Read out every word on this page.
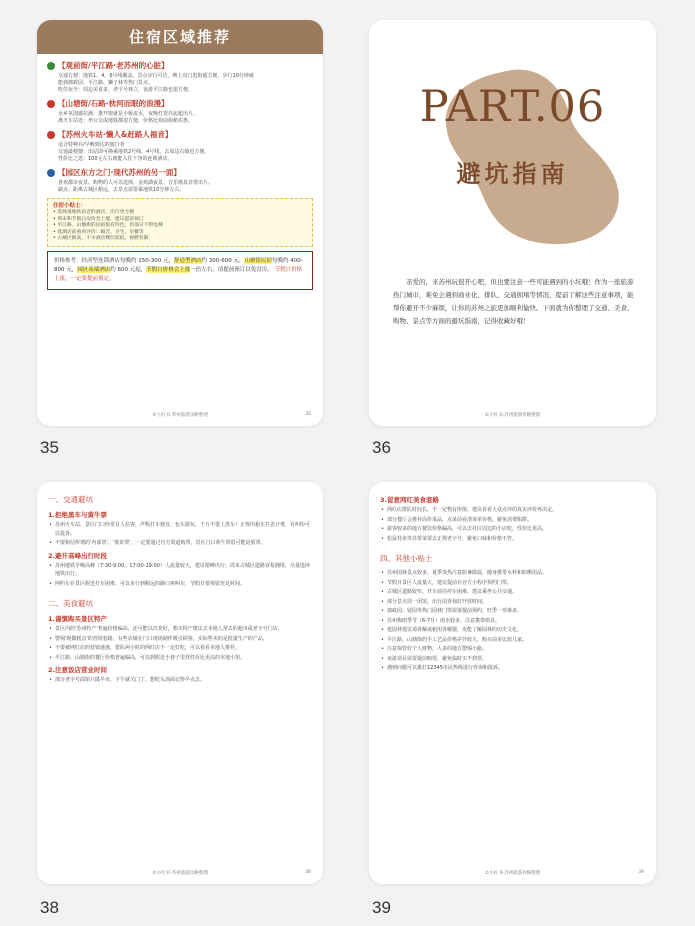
住宿区域推荐
【观前街/平江路·老苏州的心脏】
交通方便：地铁1、4、6号线覆盖，景点步行可达，晚上出门逛街超方便，步行10分钟就
能到拙政园、平江路、狮子林等热门景点。
吃住玩全：周边美食多，老字号林立，夜游平江路也很方便。
【山塘街/石路·枕河而眠的浪漫】
水乡氛围感拉满：推开窗就是小桥流水，夜晚灯笼亮起超出片。
离火车站近：坐公交或地铁都很方便，价格比观前街稍实惠。
【苏州火车站·懒人&赶路人福音】
适合特种兵/早晚到达的旅行者
交通最便捷：出站即可换乘地铁2号线、4号线，去周边古镇也方便。
性价比之选：100元左右就能入住干净的连锁酒店。
【园区东方之门·现代苏州的另一面】
喜欢都市夜景、购物的人可以选择，金鸡湖夜景、音乐喷泉非常出片。
缺点：距离古城区稍远，去景点需要乘地铁10分钟左右。
住宿小贴士：
• 选择离地铁站近的酒店，出行更方便
• 周末和节假日房价会上涨，建议提前预订
• 平江路、山塘街的民宿很有特色，但部分不带电梯
• 选酒店前看看评价：隔音、卫生、早餐等
• 古城区限高，不少酒店楼层较低，视野有限
价格参考：经济型连锁酒店每晚约 150-300 元，舒适型酒店约 300-600 元，山塘街民宿每晚约 400-800 元，园区高端酒店约 600 元起，节假日价格会上涨一倍左右，请提前预订以免没房。 节假日价格上涨，一定要提前预定。
©小红书·苏州旅游攻略整理	35
35
PART.06
避坑指南
亲爱的，来苏州玩很开心吧，但也要注意一些可能遇到的小坑哦！作为一座旅游热门城市，难免会遇到商业化、排队、交通拥堵等情况，提前了解这些注意事项，能帮你避开不少麻烦，让你的苏州之旅更加顺利愉快。下面就为你整理了交通、美食、购物、景点等方面的避坑指南，记得收藏好哦！
©小红书·苏州旅游攻略整理
36
一、交通避坑
1.拒绝黑车与黄牛票
• 苏州火车站、景区门口经常有人拉客，声称打车便宜、包车游玩，千万不要上黑车！正规出租车打表计费，有纠纷可以投诉。
• 不要相信所谓的'内部票'、'低价票'，一定要通过官方渠道购票，景区门口黄牛票很可能是假票。
2.避开高峰出行时段
• 苏州地铁早晚高峰（7:30-9:00，17:00-19:00）人流量较大，建议错峰出行；周末古城区道路容易拥堵，尽量选择地铁出行。
• 网约车在景区附近打车困难，可以步行到稍远的路口再叫车，节假日要预留充足时间。
二、美食避坑
1.谨慎购买景区特产
• 景区内的'苏州特产'普遍价格偏高，还可能以次充好，想买特产建议去本地人常去的超市或老字号门店。
• 警惕'现做糕点'的营销套路，有些店铺在门口现场制作吸引顾客，实际售卖的是批量生产的产品。
• 不要被网红店的营销迷惑，排队两小时的网红店不一定好吃，可以看看本地人推荐。
• 平江路、山塘街的餐厅价格普遍偏高，可以到附近小巷子里找性价比更高的本地小馆。
2.注意饭店营业时间
• 部分老字号面馆只做早市，下午就关门了，想吃头汤面记得早点去。
©小红书·苏州旅游攻略整理	38
38
3.留意网红美食套路
• 网红店排队时间长，不一定物有所值，建议看看大众点评的真实评价再决定。
• 部分餐厅会推荐高价菜品，点菜前看清菜单价格，避免消费陷阱。
• 游客较多的地方餐饮价格偏高，可以去社区周边的小店吃，性价比更高。
• 松鼠桂鱼等苏帮菜要去正规老字号，避免口味和价格不符。
四、其他小贴士
• 苏州园林景点较多，夏季炎热注意防暑降温，随身携带水杯和防晒用品。
• 节假日景区人流量大，建议提前在官方小程序预约门票。
• 古城区道路较窄，开车前往停车困难，建议乘坐公共交通。
• 部分景点周一闭馆，出行前查询好开放时间。
• 拙政园、留园等热门园林门票需要提前预约，旺季一票难求。
• 苏州梅雨季节（6-7月）雨水较多，注意携带雨具。
• 逛园林建议请讲解或租用讲解器，更能了解园林的历史文化。
• 平江路、山塘街的手工艺品价格差异较大，购买前多比较几家。
• 注意保管好个人财物，人多的地方警惕小偷。
• 夜游项目需要提前购票，避免临时买不到票。
• 遇到问题可以拨打12345市民热线进行咨询和投诉。
©小红书·苏州旅游攻略整理	39
39
